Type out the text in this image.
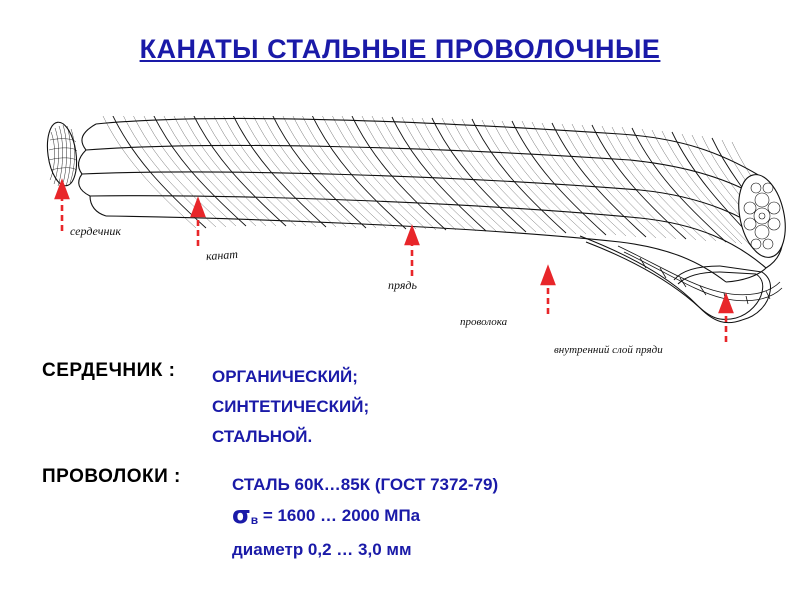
КАНАТЫ СТАЛЬНЫЕ ПРОВОЛОЧНЫЕ
сердечник
канат
прядь
проволока
внутренний слой пряди
СЕРДЕЧНИК : ОРГАНИЧЕСКИЙ;
СИНТЕТИЧЕСКИЙ;
СТАЛЬНОЙ.
ПРОВОЛОКИ :	СТАЛЬ 60К…85К (ГОСТ 7372-79)
$\sigma_в = 1600$ … 2000 МПа
диаметр 0,2 … 3,0 мм
